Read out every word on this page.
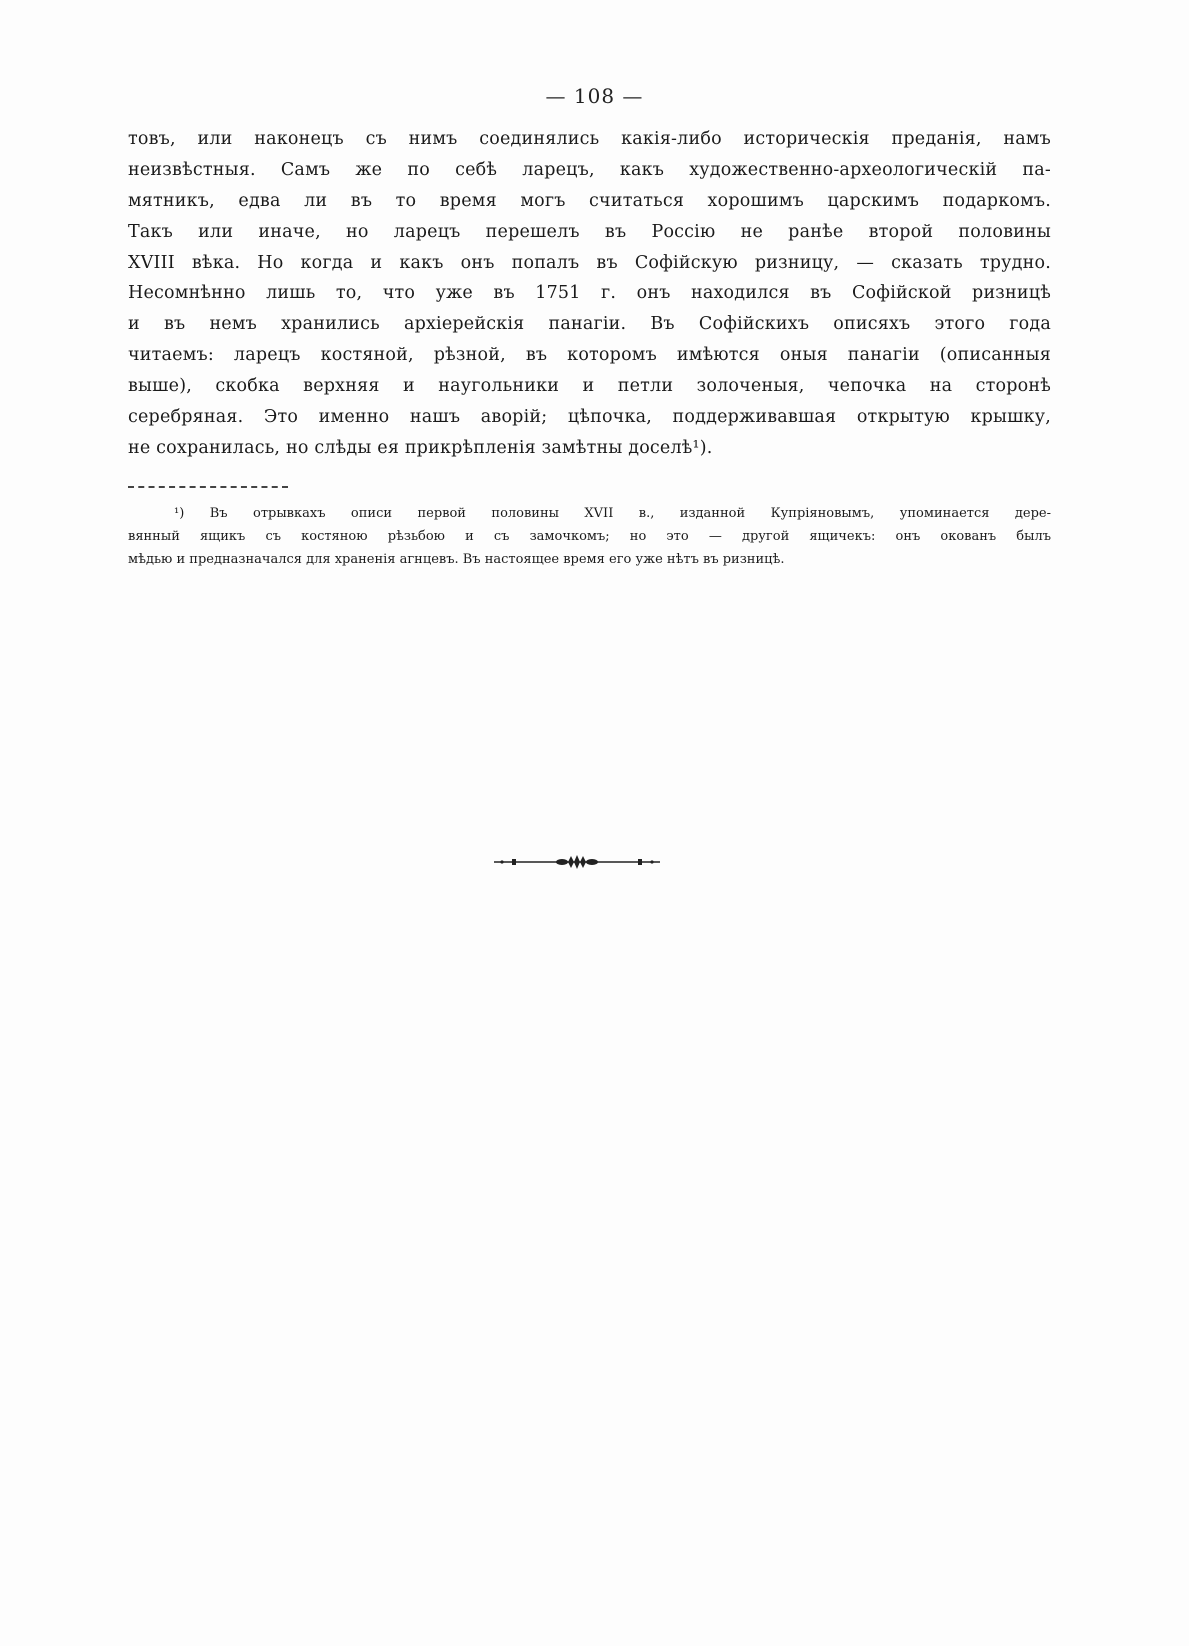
— 108 —
товъ, или наконецъ съ нимъ соединялись какія-либо историческія преданія, намъ
неизвѣстныя. Самъ же по себѣ ларецъ, какъ художественно-археологическій па-
мятникъ, едва ли въ то время могъ считаться хорошимъ царскимъ подаркомъ.
Такъ или иначе, но ларецъ перешелъ въ Россію не ранѣе второй половины
XVIII вѣка. Но когда и какъ онъ попалъ въ Софійскую ризницу, — сказать трудно.
Несомнѣнно лишь то, что уже въ 1751 г. онъ находился въ Софійской ризницѣ
и въ немъ хранились архіерейскія панагіи. Въ Софійскихъ описяхъ этого года
читаемъ: ларецъ костяной, рѣзной, въ которомъ имѣются оныя панагіи (описанныя
выше), скобка верхняя и наугольники и петли золоченыя, чепочка на сторонѣ
серебряная. Это именно нашъ аворій; цѣпочка, поддерживавшая открытую крышку,
не сохранилась, но слѣды ея прикрѣпленія замѣтны доселѣ¹).
¹) Въ отрывкахъ описи первой половины XVII в., изданной Купріяновымъ, упоминается дере-
вянный ящикъ съ костяною рѣзьбою и съ замочкомъ; но это — другой ящичекъ: онъ окованъ былъ
мѣдью и предназначался для храненія агнцевъ. Въ настоящее время его уже нѣтъ въ ризницѣ.
